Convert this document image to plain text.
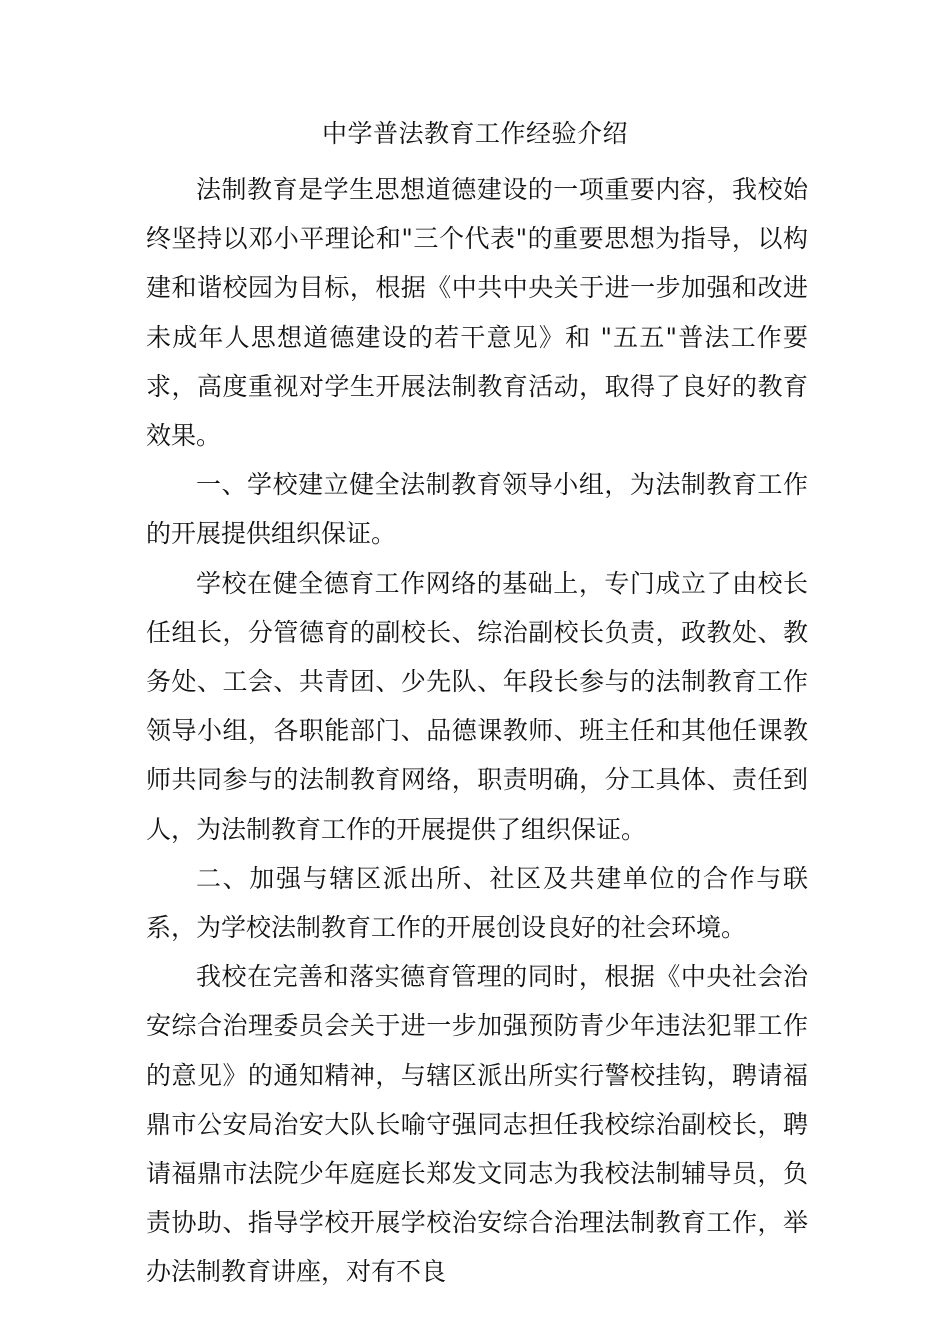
中学普法教育工作经验介绍

法制教育是学生思想道德建设的一项重要内容，我校始终坚持以邓小平理论和"三个代表"的重要思想为指导，以构建和谐校园为目标，根据《中共中央关于进一步加强和改进未成年人思想道德建设的若干意见》和 "五五"普法工作要求，高度重视对学生开展法制教育活动，取得了良好的教育效果。

一、学校建立健全法制教育领导小组，为法制教育工作的开展提供组织保证。

学校在健全德育工作网络的基础上，专门成立了由校长任组长，分管德育的副校长、综治副校长负责，政教处、教务处、工会、共青团、少先队、年段长参与的法制教育工作领导小组，各职能部门、品德课教师、班主任和其他任课教师共同参与的法制教育网络，职责明确，分工具体、责任到人，为法制教育工作的开展提供了组织保证。

二、加强与辖区派出所、社区及共建单位的合作与联系，为学校法制教育工作的开展创设良好的社会环境。

我校在完善和落实德育管理的同时，根据《中央社会治安综合治理委员会关于进一步加强预防青少年违法犯罪工作的意见》的通知精神，与辖区派出所实行警校挂钩，聘请福鼎市公安局治安大队长喻守强同志担任我校综治副校长，聘请福鼎市法院少年庭庭长郑发文同志为我校法制辅导员，负责协助、指导学校开展学校治安综合治理法制教育工作，举办法制教育讲座，对有不良
